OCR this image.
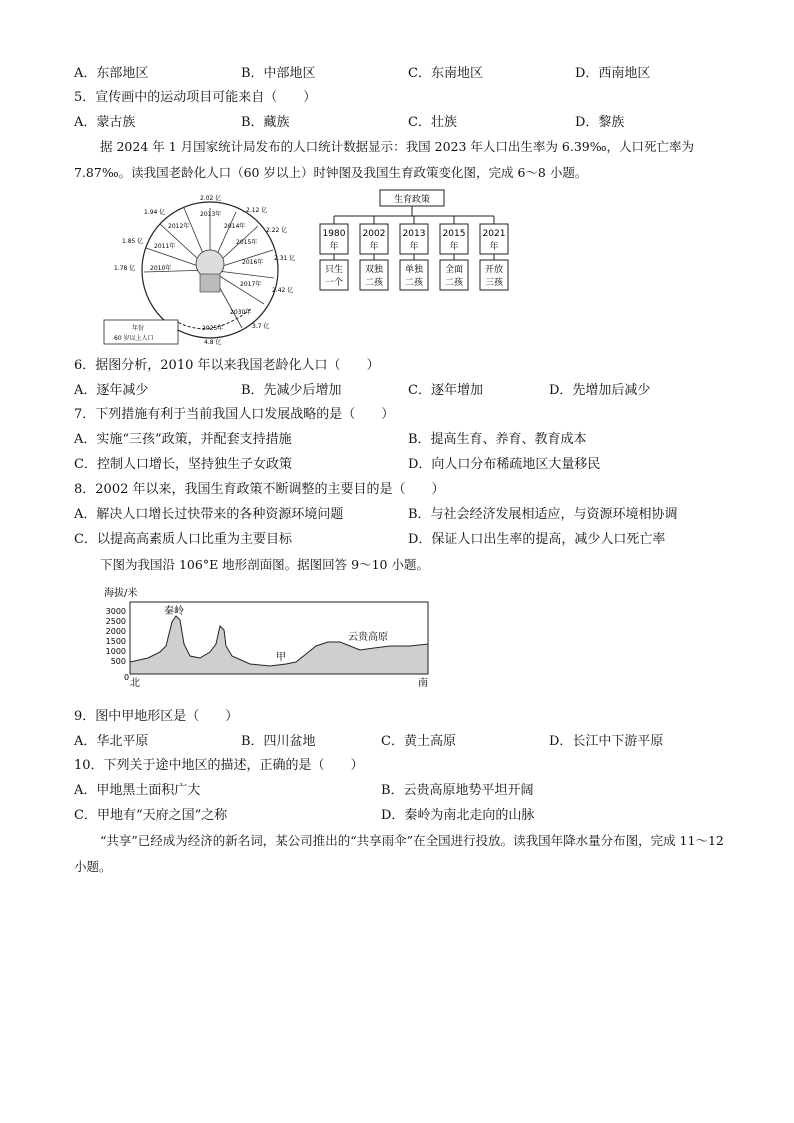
A．东部地区	B．中部地区	C．东南地区	D．西南地区
5．宣传画中的运动项目可能来自（　　）
A．蒙古族	B．藏族	C．壮族	D．黎族
据 2024 年 1 月国家统计局发布的人口统计数据显示：我国 2023 年人口出生率为 6.39‰，人口死亡率为 7.87‰。读我国老龄化人口（60 岁以上）时钟图及我国生育政策变化图，完成 6～8 小题。
2010年
1.78 亿
2011年
1.85 亿
2012年
1.94 亿	2013年
2.02 亿
2014年
2.12 亿
2015年
2.22 亿
2016年
2.31 亿
2017年
2.42 亿
2030年
3.7 亿
2025年
4.8 亿
年份
60 岁以上人口
生育政策
1980 2002 2013 2015 2021
年	年	年	年	年
只生
一个
双独
二孩
单独
二孩
全面
二孩
开放
三孩
6．据图分析，2010 年以来我国老龄化人口（　　）
A．逐年减少	B．先减少后增加	C．逐年增加	D．先增加后减少
7．下列措施有利于当前我国人口发展战略的是（　　）
A．实施“三孩”政策，并配套支持措施	B．提高生育、养育、教育成本
C．控制人口增长，坚持独生子女政策	D．向人口分布稀疏地区大量移民
8．2002 年以来，我国生育政策不断调整的主要目的是（　　）
A．解决人口增长过快带来的各种资源环境问题	B．与社会经济发展相适应，与资源环境相协调
C．以提高高素质人口比重为主要目标	D．保证人口出生率的提高，减少人口死亡率
下图为我国沿 106°E 地形剖面图。据图回答 9～10 小题。
海拔/米
3000
2500
2000
1500
1000
500
秦岭
云贵高原
甲
0
北	南
9．图中甲地形区是（　　）
A．华北平原	B．四川盆地	C．黄土高原	D．长江中下游平原
10．下列关于途中地区的描述，正确的是（　　）
A．甲地黑土面积广大	B．云贵高原地势平坦开阔
C．甲地有“天府之国”之称	D．秦岭为南北走向的山脉
“共享”已经成为经济的新名词，某公司推出的“共享雨伞”在全国进行投放。读我国年降水量分布图，完成 11～12 小题。
